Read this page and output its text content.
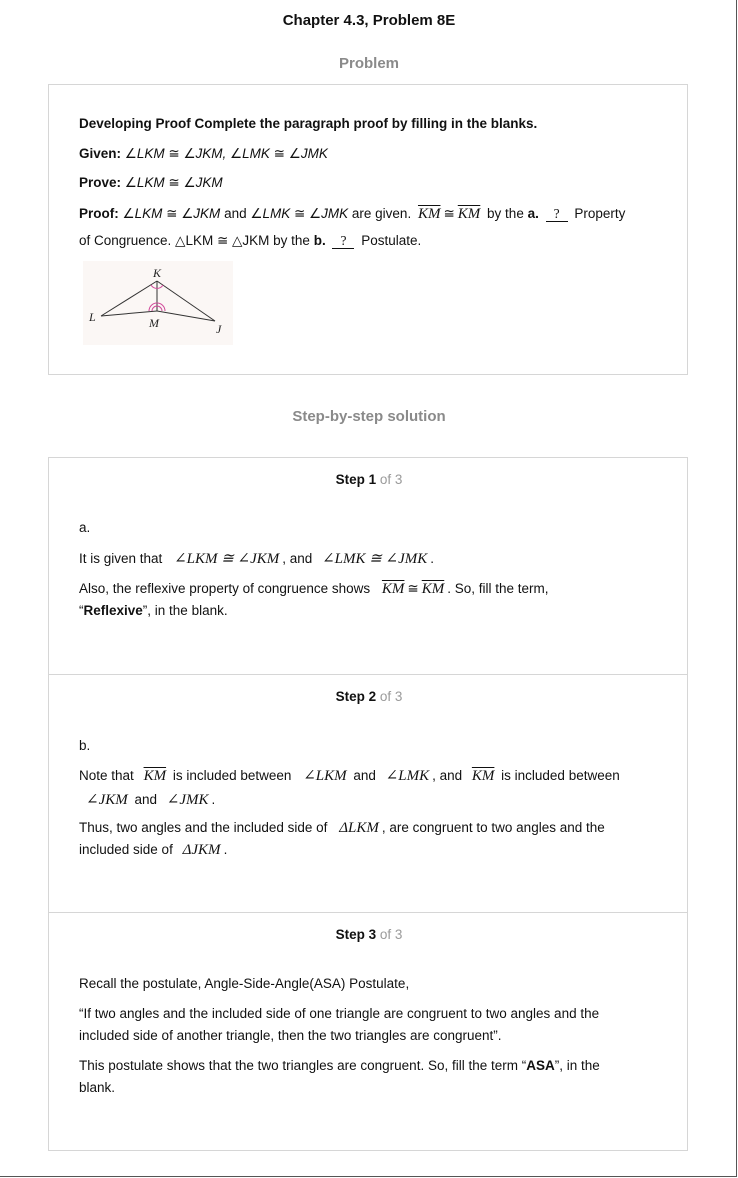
Chapter 4.3, Problem 8E
Problem
Developing Proof Complete the paragraph proof by filling in the blanks.
Given: ∠LKM ≅ ∠JKM, ∠LMK ≅ ∠JMK
Prove: ∠LKM ≅ ∠JKM
Proof: ∠LKM ≅ ∠JKM and ∠LMK ≅ ∠JMK are given. $\overline{KM}$ ≅ $\overline{KM}$ by the a. ? Property
of Congruence. △LKM ≅ △JKM by the b. ? Postulate.
K
L	M	J
Step-by-step solution
Step 1 of 3
a.
It is given that ∠LKM ≅ ∠JKM , and ∠LMK ≅ ∠JMK .
Also, the reflexive property of congruence shows $\overline{KM}$ ≅ $\overline{KM}$ . So, fill the term,
“Reflexive”, in the blank.
Step 2 of 3
b.
Note that $\overline{KM}$ is included between ∠LKM and ∠LMK , and $\overline{KM}$ is included between
∠JKM and ∠JMK .
Thus, two angles and the included side of ΔLKM , are congruent to two angles and the
included side of ΔJKM .
Step 3 of 3
Recall the postulate, Angle-Side-Angle(ASA) Postulate,
“If two angles and the included side of one triangle are congruent to two angles and the
included side of another triangle, then the two triangles are congruent”.
This postulate shows that the two triangles are congruent. So, fill the term “ASA”, in the
blank.
